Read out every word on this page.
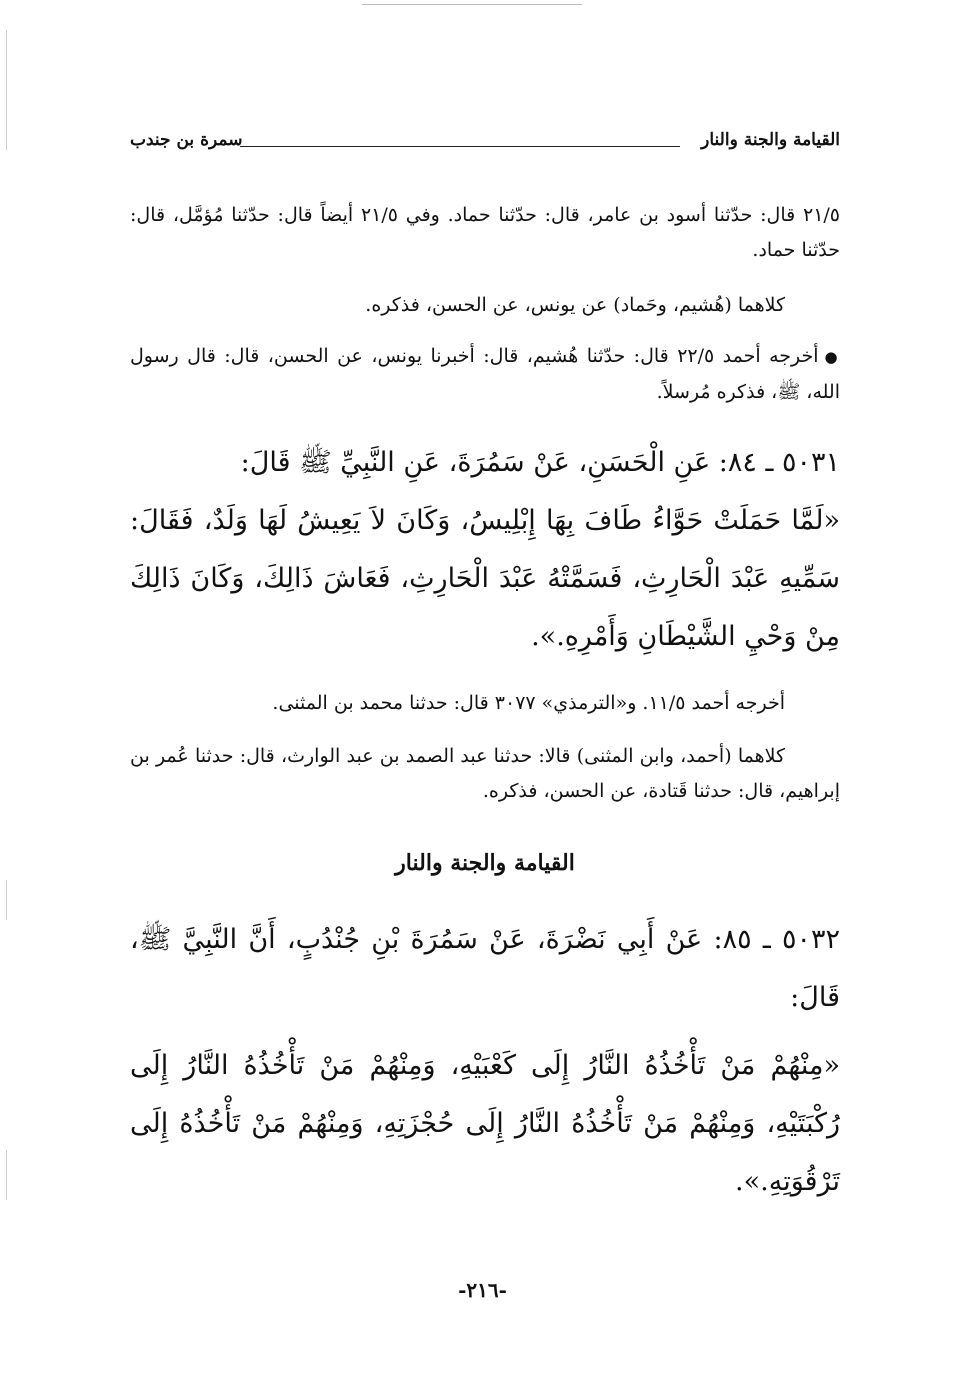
القيامة والجنة والنار
سمرة بن جندب

٢١/٥ قال: حدّثنا أسود بن عامر، قال: حدّثنا حماد. وفي ٢١/٥ أيضاً قال: حدّثنا مُؤمَّل، قال: حدّثنا حماد.

كلاهما (هُشيم، وحَماد) عن يونس، عن الحسن، فذكره.

●أخرجه أحمد ٢٢/٥ قال: حدّثنا هُشيم، قال: أخبرنا يونس، عن الحسن، قال: قال رسول الله، ﷺ، فذكره مُرسلاً.

٥٠٣١ ـ ٨٤: عَنِ الْحَسَنِ، عَنْ سَمُرَةَ، عَنِ النَّبِيِّ ﷺ قَالَ:

«لَمَّا حَمَلَتْ حَوَّاءُ طَافَ بِهَا إِبْلِيسُ، وَكَانَ لاَ يَعِيشُ لَهَا وَلَدٌ، فَقَالَ: سَمِّيهِ عَبْدَ الْحَارِثِ، فَسَمَّتْهُ عَبْدَ الْحَارِثِ، فَعَاشَ ذَالِكَ، وَكَانَ ذَالِكَ مِنْ وَحْيِ الشَّيْطَانِ وَأَمْرِهِ.».

أخرجه أحمد ١١/٥. و«الترمذي» ٣٠٧٧ قال: حدثنا محمد بن المثنى.

كلاهما (أحمد، وابن المثنى) قالا: حدثنا عبد الصمد بن عبد الوارث، قال: حدثنا عُمر بن إبراهيم، قال: حدثنا قَتادة، عن الحسن، فذكره.

القيامة والجنة والنار

٥٠٣٢ ـ ٨٥: عَنْ أَبِي نَضْرَةَ، عَنْ سَمُرَةَ بْنِ جُنْدُبٍ، أَنَّ النَّبِيَّ ﷺ، قَالَ:

«مِنْهُمْ مَنْ تَأْخُذُهُ النَّارُ إِلَى كَعْبَيْهِ، وَمِنْهُمْ مَنْ تَأْخُذُهُ النَّارُ إِلَى رُكْبَتَيْهِ، وَمِنْهُمْ مَنْ تَأْخُذُهُ النَّارُ إِلَى حُجْزَتِهِ، وَمِنْهُمْ مَنْ تَأْخُذُهُ إِلَى تَرْقُوَتِهِ.».

-٢١٦-
